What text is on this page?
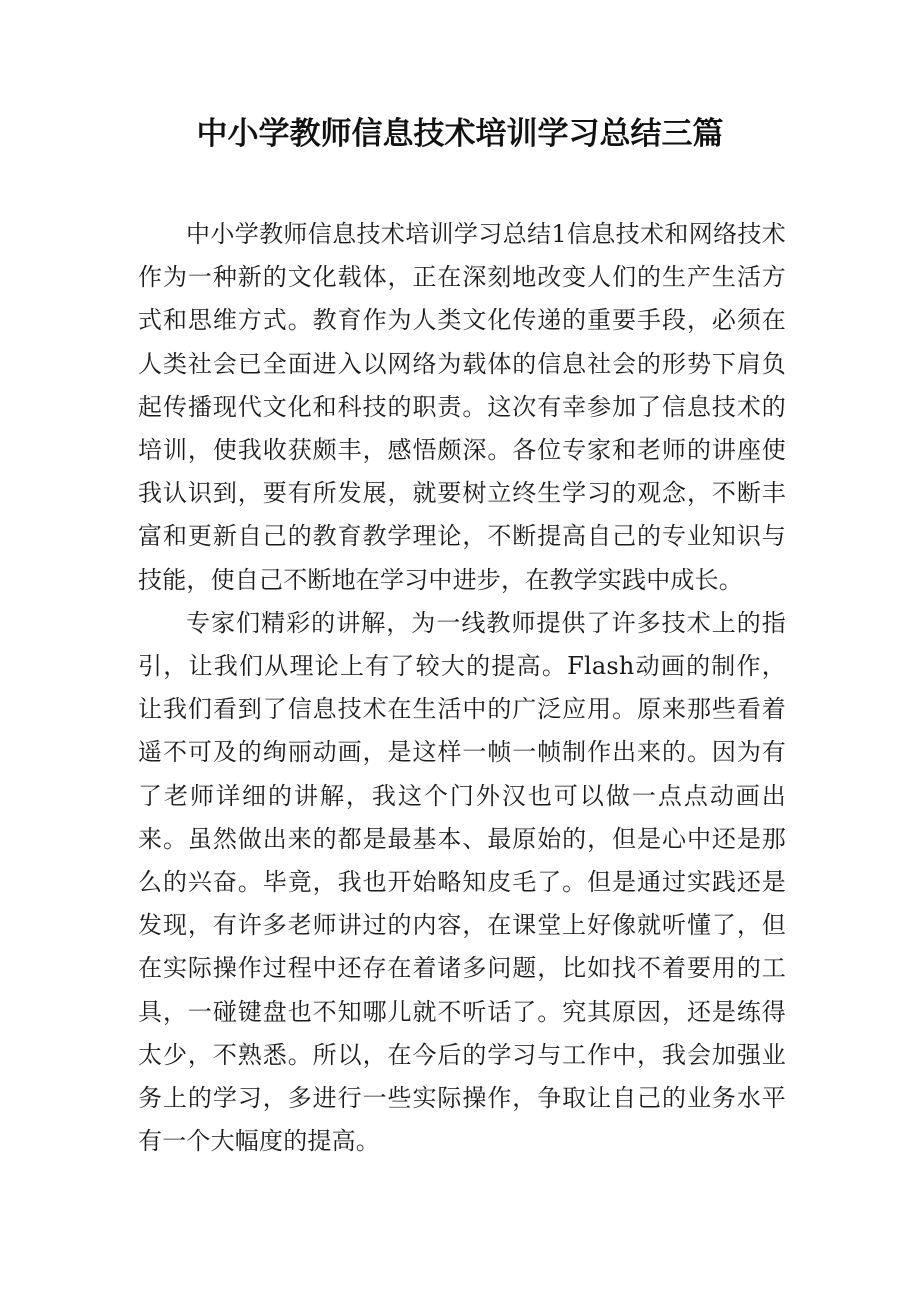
中小学教师信息技术培训学习总结三篇

中小学教师信息技术培训学习总结1信息技术和网络技术作为一种新的文化载体，正在深刻地改变人们的生产生活方式和思维方式。教育作为人类文化传递的重要手段，必须在人类社会已全面进入以网络为载体的信息社会的形势下肩负起传播现代文化和科技的职责。这次有幸参加了信息技术的培训，使我收获颇丰，感悟颇深。各位专家和老师的讲座使我认识到，要有所发展，就要树立终生学习的观念，不断丰富和更新自己的教育教学理论，不断提高自己的专业知识与技能，使自己不断地在学习中进步，在教学实践中成长。

专家们精彩的讲解，为一线教师提供了许多技术上的指引，让我们从理论上有了较大的提高。Flash动画的制作，让我们看到了信息技术在生活中的广泛应用。原来那些看着遥不可及的绚丽动画，是这样一帧一帧制作出来的。因为有了老师详细的讲解，我这个门外汉也可以做一点点动画出来。虽然做出来的都是最基本、最原始的，但是心中还是那么的兴奋。毕竟，我也开始略知皮毛了。但是通过实践还是发现，有许多老师讲过的内容，在课堂上好像就听懂了，但在实际操作过程中还存在着诸多问题，比如找不着要用的工具，一碰键盘也不知哪儿就不听话了。究其原因，还是练得太少，不熟悉。所以，在今后的学习与工作中，我会加强业务上的学习，多进行一些实际操作，争取让自己的业务水平有一个大幅度的提高。
